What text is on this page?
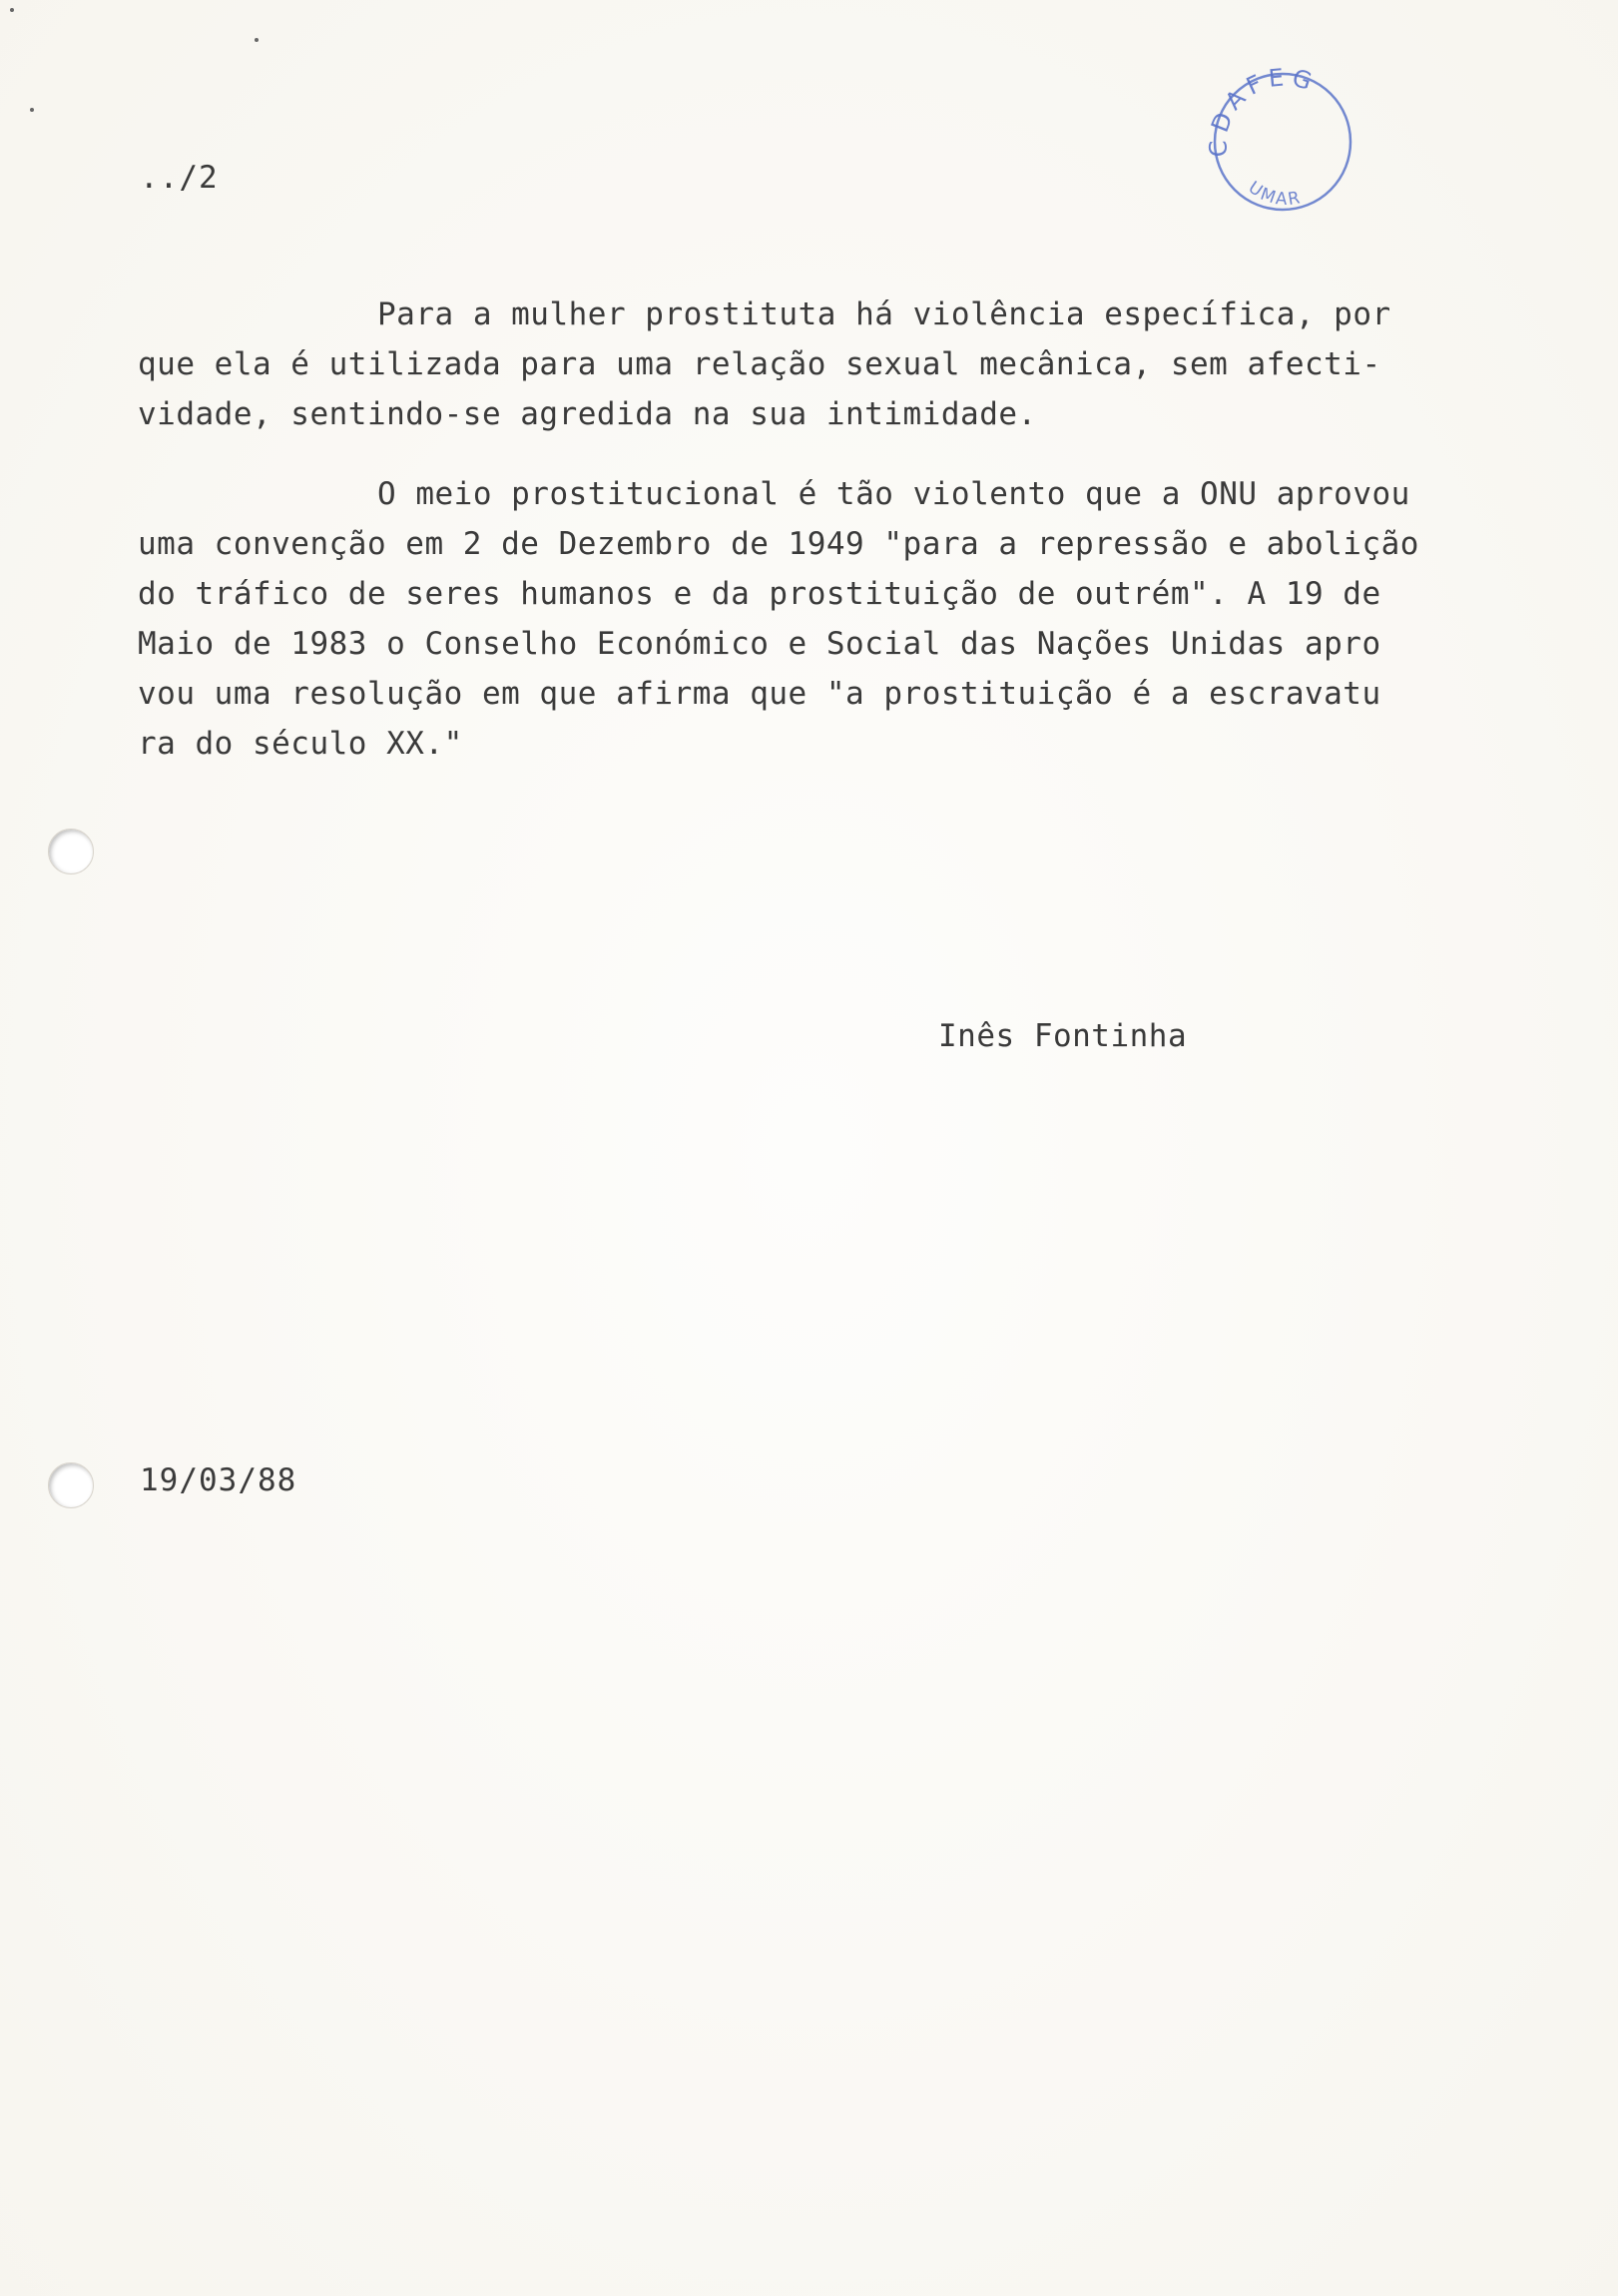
CDAFEG
UMAR
../2
Para a mulher prostituta há violência específica, por
que ela é utilizada para uma relação sexual mecânica, sem afecti-
vidade, sentindo-se agredida na sua intimidade.
O meio prostitucional é tão violento que a ONU aprovou
uma convenção em 2 de Dezembro de 1949 "para a repressão e abolição
do tráfico de seres humanos e da prostituição de outrém". A 19 de
Maio de 1983 o Conselho Económico e Social das Nações Unidas apro
vou uma resolução em que afirma que "a prostituição é a escravatu
ra do século XX."
Inês Fontinha
19/03/88
